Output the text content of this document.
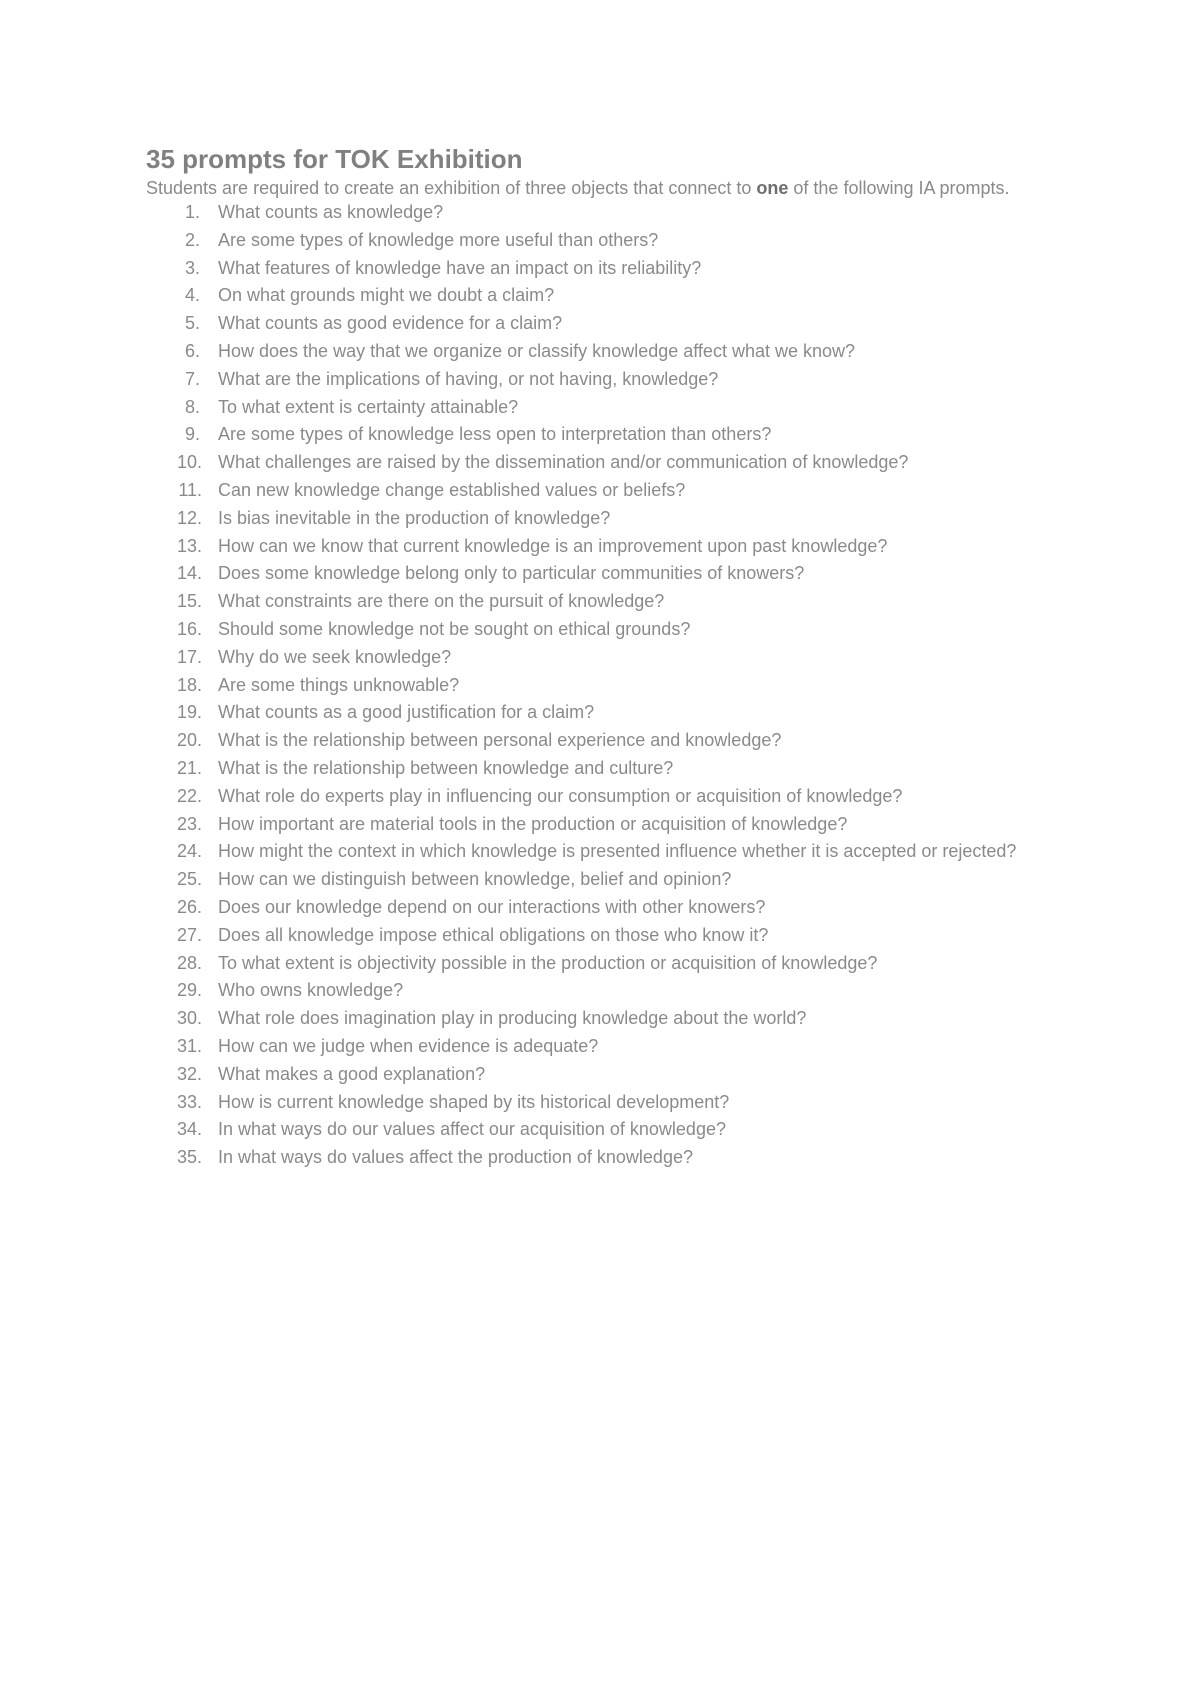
35 prompts for TOK Exhibition

Students are required to create an exhibition of three objects that connect to one of the following IA prompts.

1. What counts as knowledge?
2. Are some types of knowledge more useful than others?
3. What features of knowledge have an impact on its reliability?
4. On what grounds might we doubt a claim?
5. What counts as good evidence for a claim?
6. How does the way that we organize or classify knowledge affect what we know?
7. What are the implications of having, or not having, knowledge?
8. To what extent is certainty attainable?
9. Are some types of knowledge less open to interpretation than others?
10. What challenges are raised by the dissemination and/or communication of knowledge?
11. Can new knowledge change established values or beliefs?
12. Is bias inevitable in the production of knowledge?
13. How can we know that current knowledge is an improvement upon past knowledge?
14. Does some knowledge belong only to particular communities of knowers?
15. What constraints are there on the pursuit of knowledge?
16. Should some knowledge not be sought on ethical grounds?
17. Why do we seek knowledge?
18. Are some things unknowable?
19. What counts as a good justification for a claim?
20. What is the relationship between personal experience and knowledge?
21. What is the relationship between knowledge and culture?
22. What role do experts play in influencing our consumption or acquisition of knowledge?
23. How important are material tools in the production or acquisition of knowledge?
24. How might the context in which knowledge is presented influence whether it is accepted or rejected?
25. How can we distinguish between knowledge, belief and opinion?
26. Does our knowledge depend on our interactions with other knowers?
27. Does all knowledge impose ethical obligations on those who know it?
28. To what extent is objectivity possible in the production or acquisition of knowledge?
29. Who owns knowledge?
30. What role does imagination play in producing knowledge about the world?
31. How can we judge when evidence is adequate?
32. What makes a good explanation?
33. How is current knowledge shaped by its historical development?
34. In what ways do our values affect our acquisition of knowledge?
35. In what ways do values affect the production of knowledge?
